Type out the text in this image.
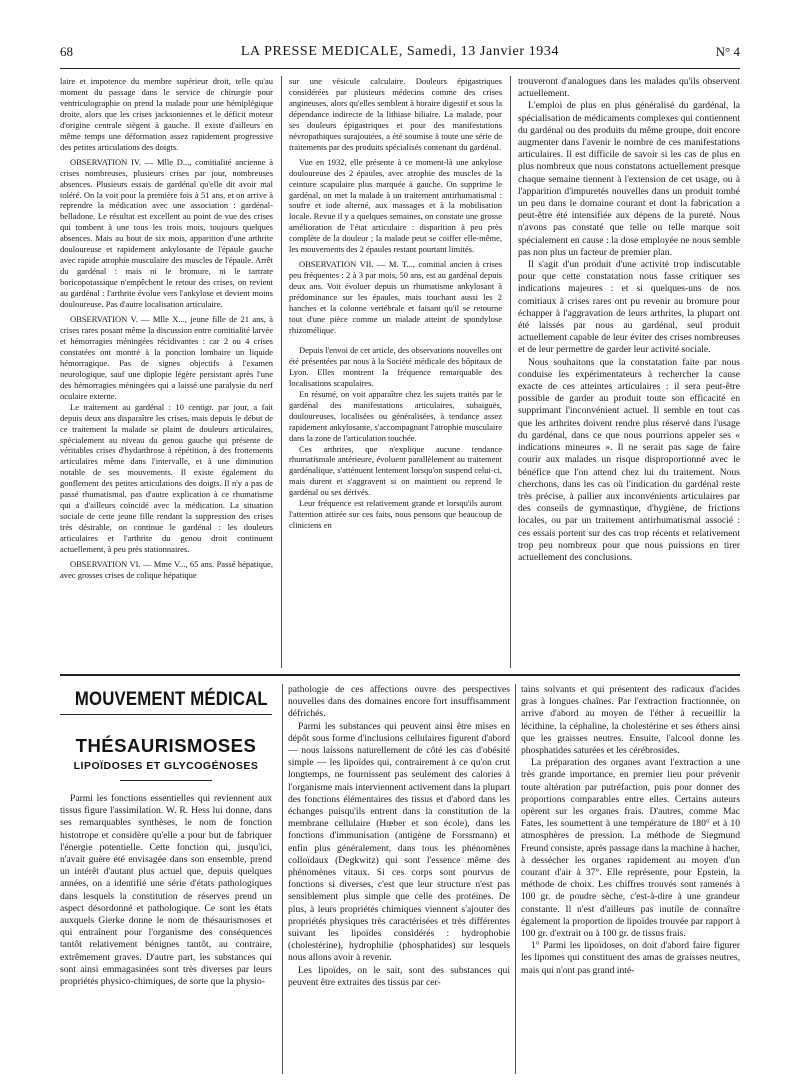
68	LA PRESSE MEDICALE, Samedi, 13 Janvier 1934	N° 4

laire et impotence du membre supérieur droit, telle qu'au moment du passage dans le service de chirurgie pour ventriculographie on prend la malade pour une hémiplégique droite, alors que les crises jacksoniennes et le déficit moteur d'origine centrale siègent à gauche. Il existe d'ailleurs en même temps une déformation assez rapidement progressive des petites articulations des doigts.

OBSERVATION IV. — Mlle D..., comitialité ancienne à crises nombreuses, plusieurs crises par jour, nombreuses absences. Plusieurs essais de gardénal qu'elle dit avoir mal toléré. On la voit pour la première fois à 51 ans, et on arrive à reprendre la médication avec une association : gardénal-belladone. Le résultat est excellent au point de vue des crises qui tombent à une tous les trois mois, toujours quelques absences. Mais au bout de six mois, apparition d'une arthrite douloureuse et rapidement ankylosante de l'épaule gauche avec rapide atrophie musculaire des muscles de l'épaule. Arrêt du gardénal : mais ni le bromure, ni le tartrate boricopotassique n'empêchent le retour des crises, on revient au gardénal : l'arthrite évolue vers l'ankylose et devient moins douloureuse. Pas d'autre localisation articulaire.

OBSERVATION V. — Mlle X..., jeune fille de 21 ans, à crises rares posant même la discussion entre comitialité larvée et hémorragies méningées récidivantes : car 2 ou 4 crises constatées ont montré à la ponction lombaire un liquide hémorragique. Pas de signes objectifs à l'examen neurologique, sauf une diplopie légère persistant après l'une des hémorragies méningées qui a laissé une paralysie du nerf oculaire externe.

Le traitement au gardénal : 10 centigr. par jour, a fait depuis deux ans disparaître les crises, mais depuis le début de ce traitement la malade se plaint de douleurs articulaires, spécialement au niveau du genou gauche qui présente de véritables crises d'hydarthrose à répétition, à des frottements articulaires même dans l'intervalle, et à une diminution notable de ses mouvements. Il existe également du gonflement des petites articulations des doigts. Il n'y a pas de passé rhumatismal, pas d'autre explication à ce rhumatisme qui a d'ailleurs coïncidé avec la médication. La situation sociale de cette jeune fille rendant la suppression des crises très désirable, on continue le gardénal : les douleurs articulaires et l'arthrite du genou droit continuent actuellement, à peu près stationnaires.

OBSERVATION VI. — Mme V..., 65 ans. Passé hépatique, avec grosses crises de colique hépatique

sur une vésicule calculaire. Douleurs épigastriques considérées par plusieurs médecins comme des crises angineuses, alors qu'elles semblent à horaire digestif et sous la dépendance indirecte de la lithiase biliaire. La malade, pour ses douleurs épigastriques et pour des manifestations névropathiques surajoutées, a été soumise à toute une série de traitements par des produits spécialisés contenant du gardénal.

Vue en 1932, elle présente à ce moment-là une ankylose douloureuse des 2 épaules, avec atrophie des muscles de la ceinture scapulaire plus marquée à gauche. On supprime le gardénal, on met la malade à un traitement antirhumatismal : soufre et iode alterné, aux massages et à la mobilisation locale. Revue il y a quelques semaines, on constate une grosse amélioration de l'état articulaire : disparition à peu près complète de la douleur ; la malade peut se coiffer elle-même, les mouvements des 2 épaules restant pourtant limités.

OBSERVATION VII. — M. T..., comitial ancien à crises peu fréquentes : 2 à 3 par mois, 50 ans, est au gardénal depuis deux ans. Voit évoluer depuis un rhumatisme ankylosant à prédominance sur les épaules, mais touchant aussi les 2 hanches et la colonne vertébrale et faisant qu'il se retourne tout d'une pièce comme un malade atteint de spondylose rhizomélique.

Depuis l'envoi de cet article, des observations nouvelles ont été présentées par nous à la Société médicale des hôpitaux de Lyon. Elles montrent la fréquence remarquable des localisations scapulaires.

En résumé, on voit apparaître chez les sujets traités par le gardénal des manifestations articulaires, subaiguës, douloureuses, localisées ou généralisées, à tendance assez rapidement ankylosante, s'accompagnant l'atrophie musculaire dans la zone de l'articulation touchée.

Ces arthrites, que n'explique aucune tendance rhumatismale antérieure, évoluent parallèlement au traitement gardénalique, s'atténuent lentement lorsqu'on suspend celui-ci, mais durent et s'aggravent si on maintient ou reprend le gardénal ou ses dérivés.

Leur fréquence est relativement grande et lorsqu'ils auront l'attention attirée sur ces faits, nous pensons que beaucoup de cliniciens en

trouveront d'analogues dans les malades qu'ils observent actuellement.

L'emploi de plus en plus généralisé du gardénal, la spécialisation de médicaments complexes qui contiennent du gardénal ou des produits du même groupe, doit encore augmenter dans l'avenir le nombre de ces manifestations articulaires. Il est difficile de savoir si les cas de plus en plus nombreux que nous constatons actuellement presque chaque semaine tiennent à l'extension de cet usage, ou à l'apparition d'impuretés nouvelles dans un produit tombé un peu dans le domaine courant et dont la fabrication a peut-être été intensifiée aux dépens de la pureté. Nous n'avons pas constaté que telle ou telle marque soit spécialement en cause : la dose employée ne nous semble pas non plus un facteur de premier plan.

Il s'agit d'un produit d'une activité trop indiscutable pour que cette constatation nous fasse critiquer ses indications majeures : et si quelques-uns de nos comitiaux à crises rares ont pu revenir au bromure pour échapper à l'aggravation de leurs arthrites, la plupart ont été laissés par nous au gardénal, seul produit actuellement capable de leur éviter des crises nombreuses et de leur permettre de garder leur activité sociale.

Nous souhaitons que la constatation faite par nous conduise les expérimentateurs à rechercher la cause exacte de ces atteintes articulaires : il sera peut-être possible de garder au produit toute son efficacité en supprimant l'inconvénient actuel. Il semble en tout cas que les arthrites doivent rendre plus réservé dans l'usage du gardénal, dans ce que nous pourrions appeler ses « indications mineures ». Il ne serait pas sage de faire courir aux malades un risque disproportionné avec le bénéfice que l'on attend chez lui du traitement. Nous cherchons, dans les cas où l'indication du gardénal reste très précise, à pallier aux inconvénients articulaires par des conseils de gymnastique, d'hygiène, de frictions locales, ou par un traitement antirhumatismal associé : ces essais portent sur des cas trop récents et relativement trop peu nombreux pour que nous puissions en tirer actuellement des conclusions.

MOUVEMENT MÉDICAL
THÉSAURISMOSES
LIPOÏDOSES ET GLYCOGÉNOSES

Parmi les fonctions essentielles qui reviennent aux tissus figure l'assimilation. W. R. Hess lui donne, dans ses remarquables synthèses, le nom de fonction histotrope et considère qu'elle a pour but de fabriquer l'énergie potentielle. Cette fonction qui, jusqu'ici, n'avait guère été envisagée dans son ensemble, prend un intérêt d'autant plus actuel que, depuis quelques années, on a identifié une série d'états pathologiques dans lesquels la constitution de réserves prend un aspect désordonné et pathologique. Ce sont les états auxquels Gierke donne le nom de thésaurismoses et qui entraînent pour l'organisme des conséquences tantôt relativement bénignes tantôt, au contraire, extrêmement graves. D'autre part, les substances qui sont ainsi emmagasinées sont très diverses par leurs propriétés physico-chimiques, de sorte que la physio-

pathologie de ces affections ouvre des perspectives nouvelles dans des domaines encore fort insuffisamment défrichés.

Parmi les substances qui peuvent ainsi être mises en dépôt sous forme d'inclusions cellulaires figurent d'abord — nous laissons naturellement de côté les cas d'obésité simple — les lipoïdes qui, contrairement à ce qu'on crut longtemps, ne fournissent pas seulement des calories à l'organisme mais interviennent activement dans la plupart des fonctions élémentaires des tissus et d'abord dans les échanges puisqu'ils entrent dans la constitution de la membrane cellulaire (Hœber et son école), dans les fonctions d'immunisation (antigène de Forssmann) et enfin plus généralement, dans tous les phénomènes colloïdaux (Degkwitz) qui sont l'essence même des phénomènes vitaux. Si ces corps sont pourvus de fonctions si diverses, c'est que leur structure n'est pas sensiblement plus simple que celle des protéines. De plus, à leurs propriétés chimiques viennent s'ajouter des propriétés physiques très caractérisées et très différentes suivant les lipoïdes considérés : hydrophobie (cholestérine), hydrophilie (phosphatides) sur lesquels nous allons avoir à revenir.

Les lipoïdes, on le sait, sont des substances qui peuvent être extraites des tissus par cer-

tains solvants et qui présentent des radicaux d'acides gras à longues chaînes. Par l'extraction fractionnée, on arrive d'abord au moyen de l'éther à recueillir la lécithine, la céphaline, la cholestérine et ses éthers ainsi que les graisses neutres. Ensuite, l'alcool donne les phosphatides saturées et les cérébrosides.

La préparation des organes avant l'extraction a une très grande importance, en premier lieu pour prévenir toute altération par putréfaction, puis pour donner des proportions comparables entre elles. Certains auteurs opèrent sur les organes frais. D'autres, comme Mac Fates, les soumettent à une température de 180° et à 10 atmosphères de pression. La méthode de Siegmund Freund consiste, après passage dans la machine à hacher, à dessécher les organes rapidement au moyen d'un courant d'air à 37°. Elle représente, pour Epstein, la méthode de choix. Les chiffres trouvés sont ramenés à 100 gr. de poudre sèche, c'est-à-dire à une grandeur constante. Il n'est d'ailleurs pas inutile de connaître également la proportion de lipoïdes trouvée par rapport à 100 gr. d'extrait ou à 100 gr. de tissus frais.

1° Parmi les lipoïdoses, on doit d'abord faire figurer les lipomes qui constituent des amas de graisses neutres, mais qui n'ont pas grand inté-
